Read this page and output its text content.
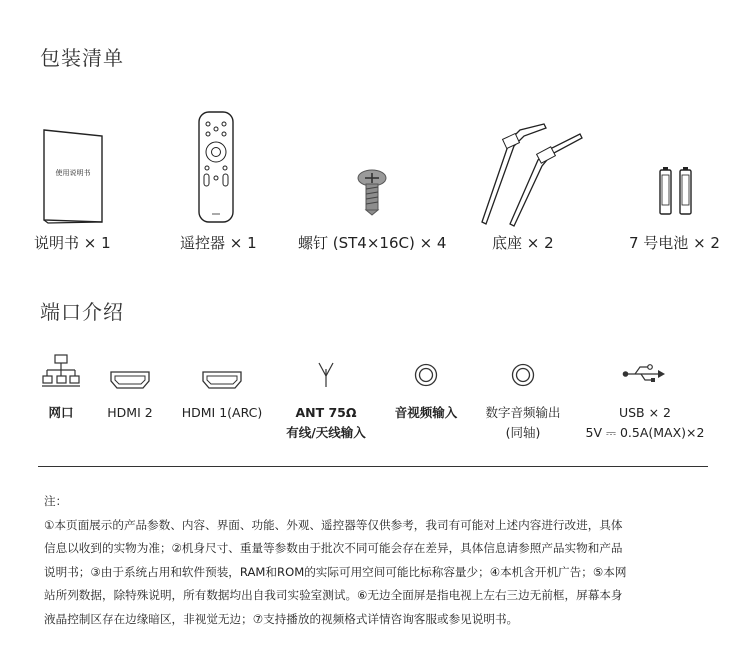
包装清单
使用说明书
说明书 × 1	遥控器 × 1	螺钉 (ST4×16C) × 4	底座 × 2	7 号电池 × 2
端口介绍
网口	HDMI 2	HDMI 1(ARC)	ANT 75Ω
有线/天线输入
音视频输入	数字音频输出
(同轴)
USB × 2
5V ⎓ 0.5A(MAX)×2

注：

①本页面展示的产品参数、内容、界面、功能、外观、遥控器等仅供参考，我司有可能对上述内容进行改进，具体

信息以收到的实物为准；②机身尺寸、重量等参数由于批次不同可能会存在差异，具体信息请参照产品实物和产品

说明书；③由于系统占用和软件预装，RAM和ROM的实际可用空间可能比标称容量少；④本机含开机广告；⑤本网

站所列数据，除特殊说明，所有数据均出自我司实验室测试。⑥无边全面屏是指电视上左右三边无前框，屏幕本身

液晶控制区存在边缘暗区，非视觉无边；⑦支持播放的视频格式详情咨询客服或参见说明书。
